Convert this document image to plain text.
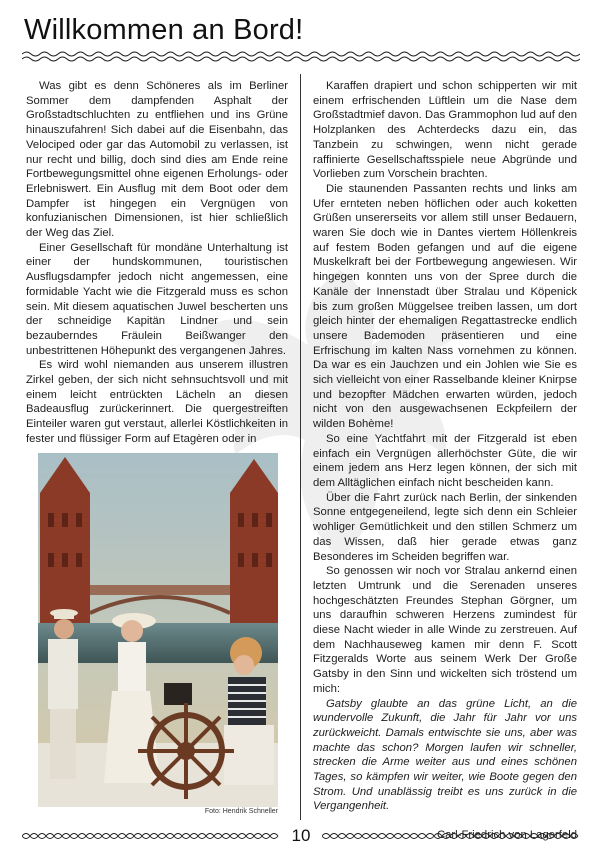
Willkommen an Bord!

Was gibt es denn Schöneres als im Berliner Sommer dem dampfenden Asphalt der Großstadtschluchten zu entfliehen und ins Grüne hinauszufahren! Sich dabei auf die Eisenbahn, das Velociped oder gar das Automobil zu verlassen, ist nur recht und billig, doch sind dies am Ende reine Fortbewegungsmittel ohne eigenen Erholungs- oder Erlebniswert. Ein Ausflug mit dem Boot oder dem Dampfer ist hingegen ein Vergnügen von konfuzianischen Dimensionen, ist hier schließlich der Weg das Ziel.

Einer Gesellschaft für mondäne Unterhaltung ist einer der hundskommunen, touristischen Ausflugsdampfer jedoch nicht angemessen, eine formidable Yacht wie die Fitzgerald muss es schon sein. Mit diesem aquatischen Juwel bescherten uns der schneidige Kapitän Lindner und sein bezauberndes Fräulein Beißwanger den unbestrittenen Höhepunkt des vergangenen Jahres.

Es wird wohl niemanden aus unserem illustren Zirkel geben, der sich nicht sehnsuchtsvoll und mit einem leicht entrückten Lächeln an diesen Badeausflug zurückerinnert. Die quergestreiften Einteiler waren gut verstaut, allerlei Köstlichkeiten in fester und flüssiger Form auf Etagèren oder in

Karaffen drapiert und schon schipperten wir mit einem erfrischenden Lüftlein um die Nase dem Großstadtmief davon. Das Grammophon lud auf den Holzplanken des Achterdecks dazu ein, das Tanzbein zu schwingen, wenn nicht gerade raffinierte Gesellschaftsspiele neue Abgründe und Vorlieben zum Vorschein brachten.

Die staunenden Passanten rechts und links am Ufer ernteten neben höflichen oder auch koketten Grüßen unsererseits vor allem still unser Bedauern, waren Sie doch wie in Dantes viertem Höllenkreis auf festem Boden gefangen und auf die eigene Muskelkraft bei der Fortbewegung angewiesen. Wir hingegen konnten uns von der Spree durch die Kanäle der Innenstadt über Stralau und Köpenick bis zum großen Müggelsee treiben lassen, um dort gleich hinter der ehemaligen Regattastrecke endlich unsere Bademoden präsentieren und eine Erfrischung im kalten Nass vornehmen zu können. Da war es ein Jauchzen und ein Johlen wie Sie es sich vielleicht von einer Rasselbande kleiner Knirpse und bezopfter Mädchen erwarten würden, jedoch nicht von den ausgewachsenen Eckpfeilern der wilden Bohème!

So eine Yachtfahrt mit der Fitzgerald ist eben einfach ein Vergnügen allerhöchster Güte, die wir einem jedem ans Herz legen können, der sich mit dem Alltäglichen einfach nicht bescheiden kann.

Über die Fahrt zurück nach Berlin, der sinkenden Sonne entgegeneilend, legte sich denn ein Schleier wohliger Gemütlichkeit und den stillen Schmerz um das Wissen, daß hier gerade etwas ganz Besonderes im Scheiden begriffen war.

So genossen wir noch vor Stralau ankernd einen letzten Umtrunk und die Serenaden unseres hochgeschätzten Freundes Stephan Görgner, um uns daraufhin schweren Herzens zumindest für diese Nacht wieder in alle Winde zu zerstreuen. Auf dem Nachhauseweg kamen mir denn F. Scott Fitzgeralds Worte aus seinem Werk Der Große Gatsby in den Sinn und wickelten sich tröstend um mich:

Gatsby glaubte an das grüne Licht, an die wundervolle Zukunft, die Jahr für Jahr vor uns zurückweicht. Damals entwischte sie uns, aber was machte das schon? Morgen laufen wir schneller, strecken die Arme weiter aus und eines schönen Tages, so kämpfen wir weiter, wie Boote gegen den Strom. Und unablässig treibt es uns zurück in die Vergangenheit.

Carl-Friedrich von Lagerfeld

Foto: Hendrik Schneller
10
